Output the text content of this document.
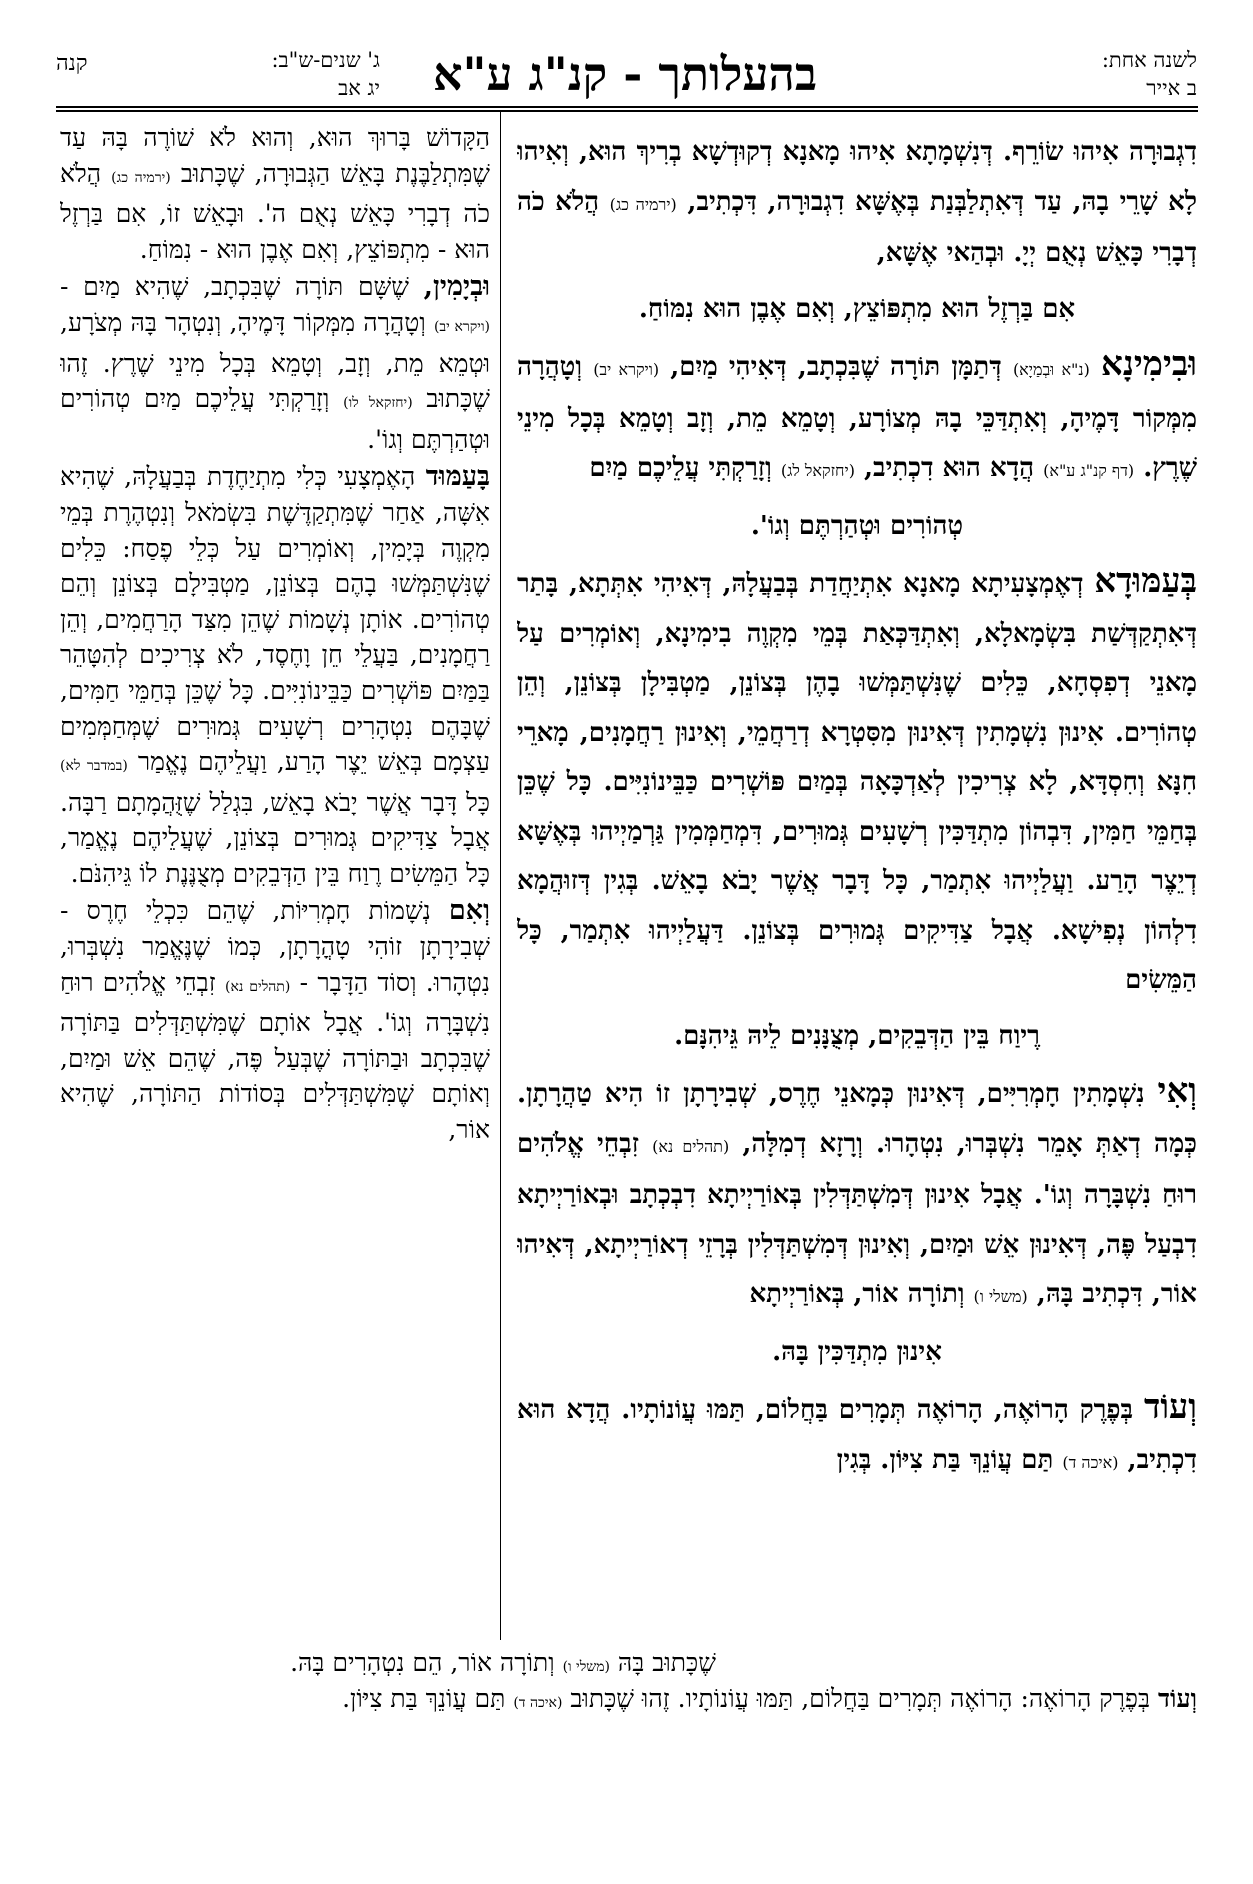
לשנה אחת:
ב אייר
בהעלותך - קנ"ג ע"א
ג' שנים-ש"ב:
יג אב
קנה

דִגְבוּרָה אִיהוּ שׂוֹרֵף. דְּנִשְׁמָתָא אִיהוּ מָאנָא דְקוּדְשָׁא בְרִיךְ הוּא, וְאִיהוּ לָא שָׁרֵי בָהּ, עַד דְּאִתְלַבְּנַת בְּאֶשָּׁא דִגְבוּרָה, דִּכְתִיב, (ירמיה כג) הֲלֹא כֹה דְבָרִי כָּאֵשׁ נְאֻם יְיָ. וּבְהַאי אֶשָּׁא,

אִם בַּרְזֶל הוּא מִתְפּוֹצֵץ, וְאִם אֶבֶן הוּא נִמּוֹחַ.

וּבִימִינָא (נ"א וּבְמַיָא) דְּתַמָּן תּוֹרָה שֶׁבִּכְתָב, דְּאִיהִי מַיִם, (ויקרא יב) וְטָהֲרָה מִמְּקוֹר דָּמֶיהָ, וְאִתְדַּכֵּי בָהּ מְצוֹרָע, וְטָמֵא מֵת, וְזָב וְטָמֵא בְּכָל מִינֵי שֶׁרֶץ. (דף קנ"ג ע"א) הֲדָא הוּא דִכְתִיב, (יחזקאל לג) וְזָרַקְתִּי עֲלֵיכֶם מַיִם

טְהוֹרִים וּטְהַרְתֶּם וְגוֹ'.

בְּעַמּוּדָא דְאֶמְצָעִיתָא מָאנָא אִתְיַחֲדַת בְּבַעֲלָהּ, דְּאִיהִי אִתְּתָא, בָּתַר דְּאִתְקַדְּשַׁת בִּשְׂמָאלָא, וְאִתְדַּכְּאַת בְּמֵי מִקְוֶה בִימִינָא, וְאוֹמְרִים עַל מָאנֵי דְפִסְחָא, כֵּלִים שֶׁנִּשְׁתַּמְּשׁוּ בָהֶן בְּצוֹנֵן, מַטְבִּילָן בְּצוֹנֵן, וְהֵן טְהוֹרִים. אִינוּן נִשְׁמָתִין דְּאִינוּן מִסִּטְרָא דְרַחֲמֵי, וְאִינוּן רַחֲמָנִים, מָארֵי חִנָּא וְחִסְדָּא, לָא צְרִיכִין לְאַדְכָּאָה בְּמַיִם פּוֹשְׁרִים כַּבֵּינוֹנִיִּים. כָּל שֶׁכֵּן בְּחַמֵּי חַמִּין, דִּבְהוֹן מִתְדַּכִּין רְשָׁעִים גְּמוּרִים, דִּמְחַמְּמִין גַּרְמַיְיהוּ בְּאֶשָּׁא דְיֵצֶר הָרַע. וַעֲלַיְיהוּ אִתְמַר, כָּל דָּבָר אֲשֶׁר יָבֹא בָאֵשׁ. בְּגִין דְּזוּהֲמָא דִלְהוֹן נְפִישָׁא. אֲבָל צַדִּיקִים גְּמוּרִים בְּצוֹנֵן. דַּעֲלַיְיהוּ אִתְמַר, כָּל הַמֵּשִׂים

רֶיוַח בֵּין הַדְּבֵקִים, מְצֻנָּנִים לֵיהּ גֵּיהִנָּם.

וְאִי נִשְׁמָתִין חָמְרִיִּים, דְּאִינוּן כְּמָאנֵי חֶרֶס, שְׁבִירָתָן זוֹ הִיא טַהֲרָתָן. כְּמָה דְאַתְּ אָמֵר נִשְׁבְּרוּ, נִטְהָרוּ. וְרָזָא דְמִלָּה, (תהלים נא) זִבְחֵי אֱלֹהִים רוּחַ נִשְׁבָּרָה וְגוֹ'. אֲבָל אִינוּן דְּמִשְׁתַּדְּלִין בְּאוֹרַיְיתָא דִבְכְתָב וּבְאוֹרַיְיתָא דִבְעַל פֶּה, דְּאִינוּן אֵשׁ וּמַיִם, וְאִינוּן דְּמִשְׁתַּדְּלִין בְּרָזֵי דְאוֹרַיְיתָא, דְּאִיהוּ אוֹר, דִּכְתִיב בָּהּ, (משלי ו) וְתוֹרָה אוֹר, בְּאוֹרַיְיתָא

אִינוּן מִתְדַּכִּין בָּהּ.

וְעוֹד בְּפֶרֶק הָרוֹאֶה, הָרוֹאֶה תְּמָרִים בַּחֲלוֹם, תַּמּוּ עֲוֹנוֹתָיו. הֲדָא הוּא דִכְתִיב, (איכה ד) תַּם עֲוֹנֵךְ בַּת צִיּוֹן. בְּגִין

הַקָּדוֹשׁ בָּרוּךְ הוּא, וְהוּא לֹא שׁוֹרֶה בָּהּ עַד שֶׁמִּתְלַבֶּנֶת בָּאֵשׁ הַגְּבוּרָה, שֶׁכָּתוּב (ירמיה כג) הֲלֹא כֹה דְבָרִי כָּאֵשׁ נְאֻם ה'. וּבָאֵשׁ זוֹ, אִם בַּרְזֶל הוּא - מִתְפּוֹצֵץ, וְאִם אֶבֶן הוּא - נִמּוֹחַ.

וּבְיָמִין, שֶׁשָּׁם תּוֹרָה שֶׁבִּכְתָב, שֶׁהִיא מַיִם - (ויקרא יב) וְטָהֲרָה מִמְּקוֹר דָּמֶיהָ, וְנִטְהָר בָּהּ מְצֹרָע, וּטְמֵא מֵת, וְזָב, וְטָמֵא בְּכָל מִינֵי שֶׁרֶץ. זֶהוּ שֶׁכָּתוּב (יחזקאל לו) וְזָרַקְתִּי עֲלֵיכֶם מַיִם טְהוֹרִים וּטְהַרְתֶּם וְגוֹ'.

בָּעַמּוּד הָאֶמְצָעִי כְּלִי מִתְיַחֶדֶת בְּבַעֲלָהּ, שֶׁהִיא אִשָּׁה, אַחַר שֶׁמִּתְקַדֶּשֶׁת בִּשְׂמֹאל וְנִטְהֶרֶת בְּמֵי מִקְוֶה בְּיָמִין, וְאוֹמְרִים עַל כְּלֵי פֶסַח: כֵּלִים שֶׁנִּשְׁתַּמְּשׁוּ בָהֶם בְּצוֹנֵן, מַטְבִּילָם בְּצוֹנֵן וְהֵם טְהוֹרִים. אוֹתָן נְשָׁמוֹת שֶׁהֵן מִצַּד הָרַחֲמִים, וְהֵן רַחֲמָנִים, בַּעֲלֵי חֵן וָחֶסֶד, לֹא צְרִיכִים לְהִטָּהֵר בַּמַּיִם פּוֹשְׁרִים כַּבֵּינוֹנִיִּים. כָּל שֶׁכֵּן בְּחַמֵּי חַמִּים, שֶׁבָּהֶם נִטְהָרִים רְשָׁעִים גְּמוּרִים שֶׁמְּחַמְּמִים עַצְמָם בְּאֵשׁ יֵצֶר הָרַע, וַעֲלֵיהֶם נֶאֱמַר (במדבר לא) כָּל דָּבָר אֲשֶׁר יָבֹא בָאֵשׁ, בִּגְלַל שֶׁזֻּהֲמָתָם רַבָּה. אֲבָל צַדִּיקִים גְּמוּרִים בְּצוֹנֵן, שֶׁעֲלֵיהֶם נֶאֱמַר, כָּל הַמֵּשִׂים רֶוַח בֵּין הַדְּבֵקִים מְצֻנֶּנֶת לוֹ גֵּיהִנֹּם.

וְאִם נְשָׁמוֹת חָמְרִיּוֹת, שֶׁהֵם כִּכְלֵי חֶרֶס - שְׁבִירָתָן זוֹהִי טָהֳרָתָן, כְּמוֹ שֶׁנֶּאֱמַר נִשְׁבְּרוּ, נִטְהָרוּ. וְסוֹד הַדָּבָר - (תהלים נא) זִבְחֵי אֱלֹהִים רוּחַ נִשְׁבָּרָה וְגוֹ'. אֲבָל אוֹתָם שֶׁמִּשְׁתַּדְּלִים בַּתּוֹרָה שֶׁבִּכְתָב וּבַתּוֹרָה שֶׁבְּעַל פֶּה, שֶׁהֵם אֵשׁ וּמַיִם, וְאוֹתָם שֶׁמִּשְׁתַּדְּלִים בְּסוֹדוֹת הַתּוֹרָה, שֶׁהִיא אוֹר,

שֶׁכָּתוּב בָּהּ (משלי ו) וְתוֹרָה אוֹר, הֵם נִטְהָרִים בָּהּ.
וְעוֹד בְּפֶרֶק הָרוֹאֶה: הָרוֹאֶה תְּמָרִים בַּחֲלוֹם, תַּמּוּ עֲוֹנוֹתָיו. זֶהוּ שֶׁכָּתוּב (איכה ד) תַּם עֲוֹנֵךְ בַּת צִיּוֹן.
